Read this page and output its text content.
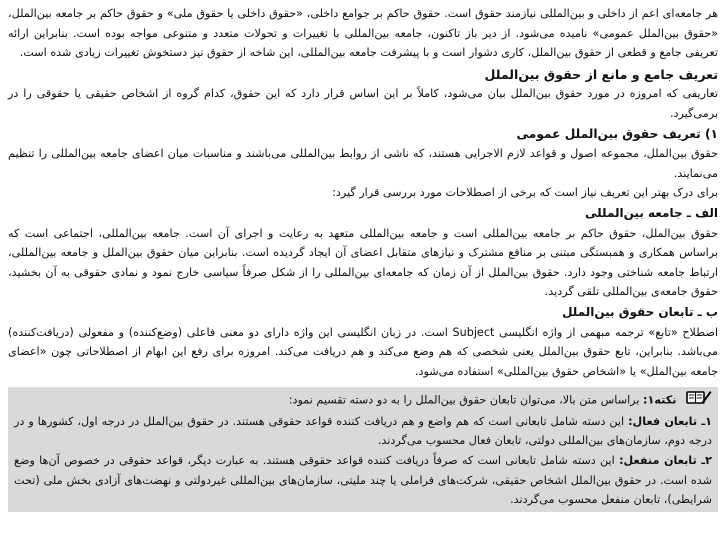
هر جامعه‌ای اعم از داخلی و بین‌المللی نیازمند حقوق است. حقوق حاکم بر جوامع داخلی، «حقوق داخلی یا حقوق ملی» و حقوق حاکم بر جامعه بین‌الملل، «حقوق بین‌الملل عمومی» نامیده می‌شود. از دیر باز تاکنون، جامعه بین‌المللی با تغییرات و تحولات متعدد و متنوعی مواجه بوده است. بنابراین ارائه تعریفی جامع و قطعی از حقوق بین‌الملل، کاری دشوار است و با پیشرفت جامعه بین‌المللی، این شاخه از حقوق نیز دستخوش تغییرات زیادی شده است.

تعریف جامع و مانع از حقوق بین‌الملل

تعاریفی که امروزه در مورد حقوق بین‌الملل بیان می‌شود، کاملاً بر این اساس قرار دارد که این حقوق، کدام گروه از اشخاص حقیقی یا حقوقی را در برمی‌گیرد.

۱) تعریف حقوق بین‌الملل عمومی

حقوق بین‌الملل، مجموعه اصول و قواعد لازم الاجرایی هستند، که ناشی از روابط بین‌المللی می‌باشند و مناسبات میان اعضای جامعه بین‌المللی را تنظیم می‌نمایند.

برای درک بهتر این تعریف نیاز است که برخی از اصطلاحات مورد بررسی قرار گیرد:

الف ـ جامعه بین‌المللی

حقوق بین‌الملل، حقوق حاکم بر جامعه بین‌المللی است و جامعه بین‌المللی متعهد به رعایت و اجرای آن است. جامعه بین‌المللی، اجتماعی است که براساس همکاری و همبستگی مبتنی بر منافع مشترک و نیازهای متقابل اعضای آن ایجاد گردیده است. بنابراین میان حقوق بین‌الملل و جامعه بین‌المللی، ارتباط جامعه شناختی وجود دارد. حقوق بین‌الملل از آن زمان که جامعه‌ای بین‌المللی را از شکل صرفاً سیاسی خارج نمود و نمادی حقوقی به آن بخشید، حقوق جامعه‌ی بین‌المللی تلقی گردید.

ب ـ تابعان حقوق بین‌الملل

اصطلاح «تابع» ترجمه مبهمی از واژه انگلیسی Subject است. در زبان انگلیسی این واژه دارای دو معنی فاعلی (وضع‌کننده) و مفعولی (دریافت‌کننده) می‌باشد. بنابراین، تابع حقوق بین‌الملل یعنی شخصی که هم وضع می‌کند و هم دریافت می‌کند. امروزه برای رفع این ابهام از اصطلاحاتی چون «اعضای جامعه بین‌الملل» یا «اشخاص حقوق بین‌المللی» استفاده می‌شود.

نکته۱: براساس متن بالا، می‌توان تابعان حقوق بین‌الملل را به دو دسته تقسیم نمود:

۱ـ تابعان فعال: این دسته شامل تابعانی است که هم واضع و هم دریافت کننده قواعد حقوقی هستند. در حقوق بین‌الملل در درجه اول، کشورها و در درجه دوم، سازمان‌های بین‌المللی دولتی، تابعان فعال محسوب می‌گردند.

۲ـ تابعان منفعل: این دسته شامل تابعانی است که صرفاً دریافت کننده قواعد حقوقی هستند. به عبارت دیگر، قواعد حقوقی در خصوص آن‌ها وضع شده است. در حقوق بین‌الملل اشخاص حقیقی، شرکت‌های فراملی یا چند ملیتی، سازمان‌های بین‌المللی غیردولتی و نهضت‌های آزادی بخش ملی (تحت شرایطی)، تابعان منفعل محسوب می‌گردند.
